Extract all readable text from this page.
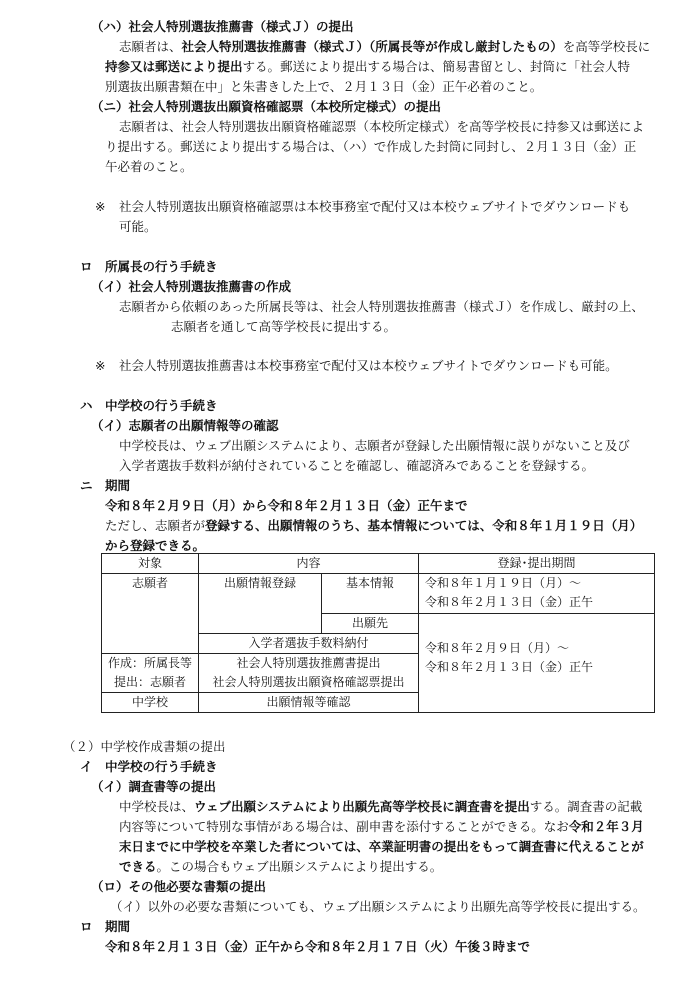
（ハ）社会人特別選抜推薦書（様式Ｊ）の提出
志願者は、社会人特別選抜推薦書（様式Ｊ）（所属長等が作成し厳封したもの）を高等学校長に
持参又は郵送により提出する。郵送により提出する場合は、簡易書留とし、封筒に「社会人特
別選抜出願書類在中」と朱書きした上で、２月１３日（金）正午必着のこと。
（ニ）社会人特別選抜出願資格確認票（本校所定様式）の提出
志願者は、社会人特別選抜出願資格確認票（本校所定様式）を高等学校長に持参又は郵送によ
り提出する。郵送により提出する場合は、（ハ）で作成した封筒に同封し、２月１３日（金）正
午必着のこと。
※ 社会人特別選抜出願資格確認票は本校事務室で配付又は本校ウェブサイトでダウンロードも
可能。
ロ　所属長の行う手続き
（イ）社会人特別選抜推薦書の作成
志願者から依頼のあった所属長等は、社会人特別選抜推薦書（様式Ｊ）を作成し、厳封の上、
志願者を通して高等学校長に提出する。
※ 社会人特別選抜推薦書は本校事務室で配付又は本校ウェブサイトでダウンロードも可能。
ハ　中学校の行う手続き
（イ）志願者の出願情報等の確認
中学校長は、ウェブ出願システムにより、志願者が登録した出願情報に誤りがないこと及び
入学者選抜手数料が納付されていることを確認し、確認済みであることを登録する。
ニ　期間
令和８年２月９日（月）から令和８年２月１３日（金）正午まで
ただし、志願者が登録する、出願情報のうち、基本情報については、令和８年１月１９日（月）
から登録できる。
対象	内容		登録･提出期間
志願者	出願情報登録	基本情報	令和８年１月１９日（月）～
令和８年２月１３日（金）正午

		出願先	令和８年２月９日（月）～
令和８年２月１３日（金）正午

	入学者選抜手数料納付		
作成：所属長等	社会人特別選抜推薦書提出		
提出：志願者	社会人特別選抜出願資格確認票提出		
中学校	出願情報等確認		
（２）中学校作成書類の提出
イ　中学校の行う手続き
（イ）調査書等の提出
中学校長は、ウェブ出願システムにより出願先高等学校長に調査書を提出する。調査書の記載
内容等について特別な事情がある場合は、副申書を添付することができる。なお令和２年３月
末日までに中学校を卒業した者については、卒業証明書の提出をもって調査書に代えることが
できる。この場合もウェブ出願システムにより提出する。
（ロ）その他必要な書類の提出
（イ）以外の必要な書類についても、ウェブ出願システムにより出願先高等学校長に提出する。
ロ　期間
令和８年２月１３日（金）正午から令和８年２月１７日（火）午後３時まで
